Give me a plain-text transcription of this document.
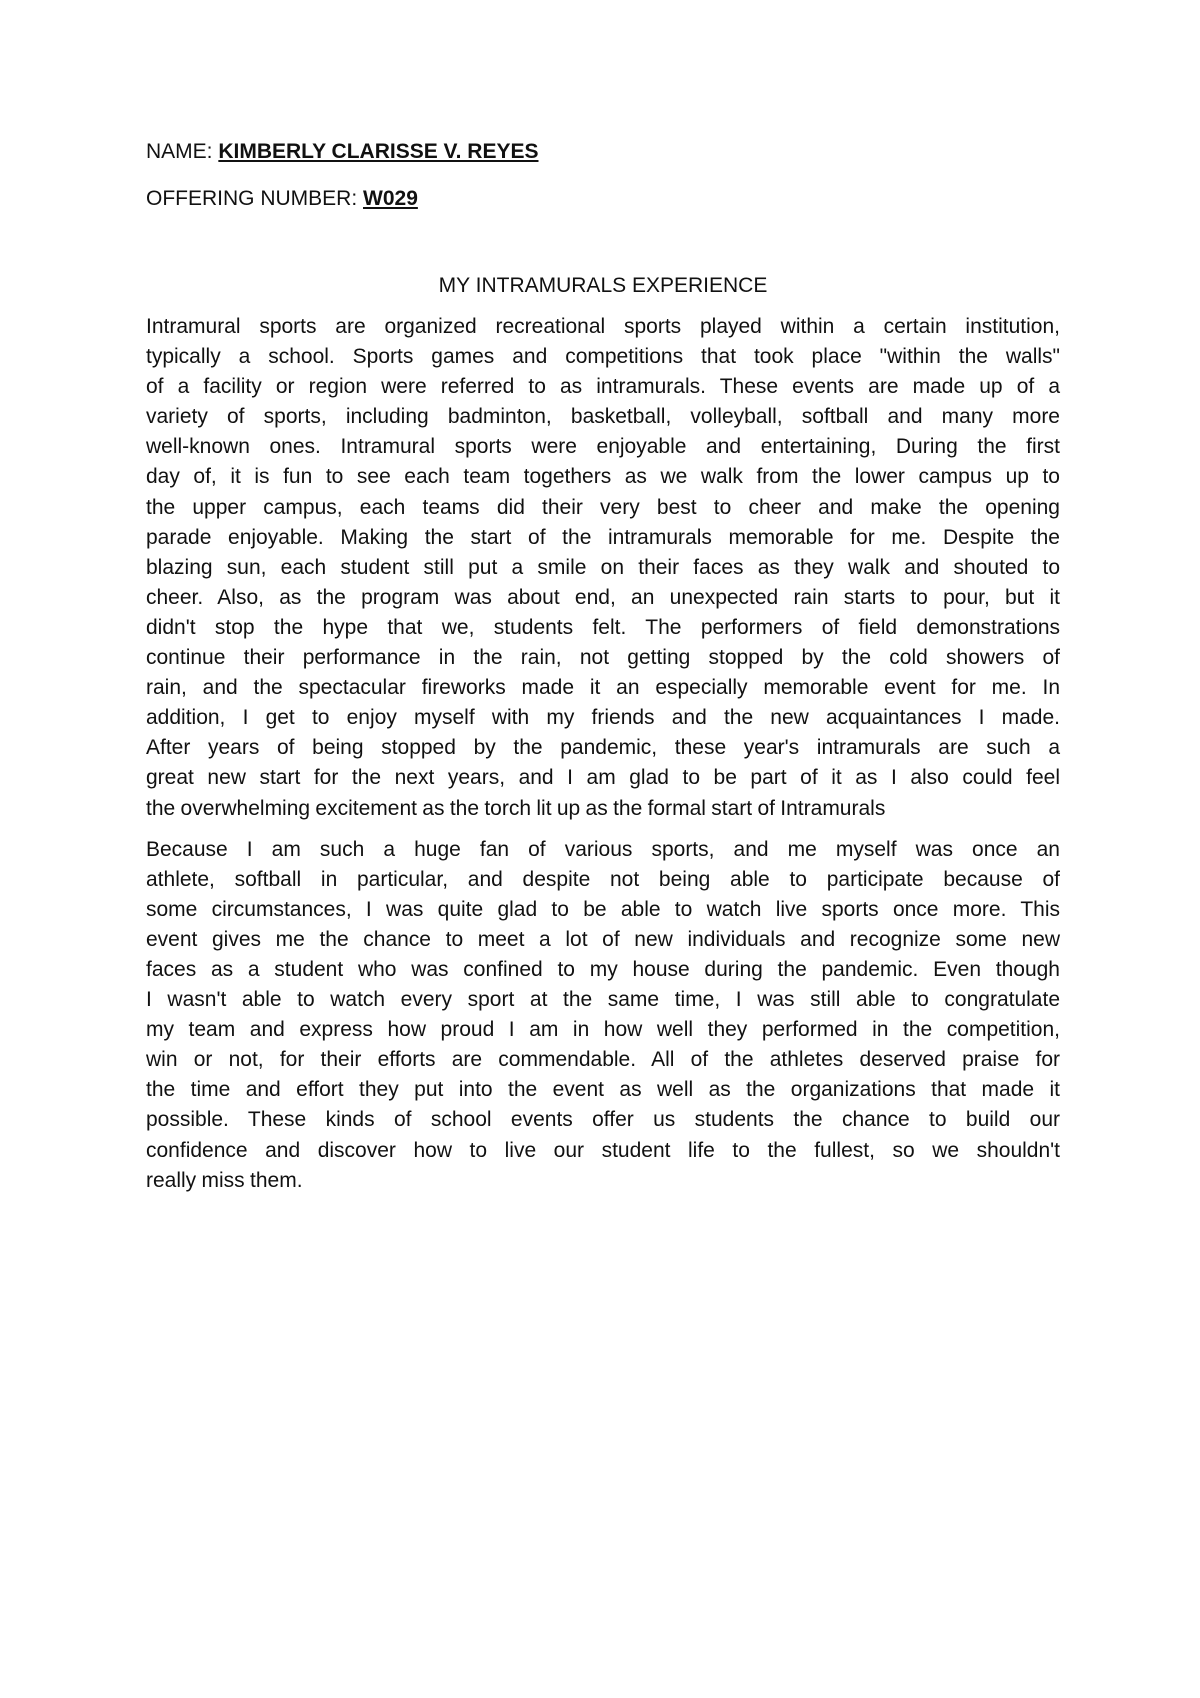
NAME: KIMBERLY CLARISSE V. REYES

OFFERING NUMBER: W029

MY INTRAMURALS EXPERIENCE

Intramural sports are organized recreational sports played within a certain institution,
typically a school. Sports games and competitions that took place "within the walls"
of a facility or region were referred to as intramurals. These events are made up of a
variety of sports, including badminton, basketball, volleyball, softball and many more
well-known ones. Intramural sports were enjoyable and entertaining, During the first
day of, it is fun to see each team togethers as we walk from the lower campus up to
the upper campus, each teams did their very best to cheer and make the opening
parade enjoyable. Making the start of the intramurals memorable for me. Despite the
blazing sun, each student still put a smile on their faces as they walk and shouted to
cheer. Also, as the program was about end, an unexpected rain starts to pour, but it
didn't stop the hype that we, students felt. The performers of field demonstrations
continue their performance in the rain, not getting stopped by the cold showers of
rain, and the spectacular fireworks made it an especially memorable event for me. In
addition, I get to enjoy myself with my friends and the new acquaintances I made.
After years of being stopped by the pandemic, these year's intramurals are such a
great new start for the next years, and I am glad to be part of it as I also could feel
the overwhelming excitement as the torch lit up as the formal start of Intramurals

Because I am such a huge fan of various sports, and me myself was once an
athlete, softball in particular, and despite not being able to participate because of
some circumstances, I was quite glad to be able to watch live sports once more. This
event gives me the chance to meet a lot of new individuals and recognize some new
faces as a student who was confined to my house during the pandemic. Even though
I wasn't able to watch every sport at the same time, I was still able to congratulate
my team and express how proud I am in how well they performed in the competition,
win or not, for their efforts are commendable. All of the athletes deserved praise for
the time and effort they put into the event as well as the organizations that made it
possible. These kinds of school events offer us students the chance to build our
confidence and discover how to live our student life to the fullest, so we shouldn't
really miss them.
